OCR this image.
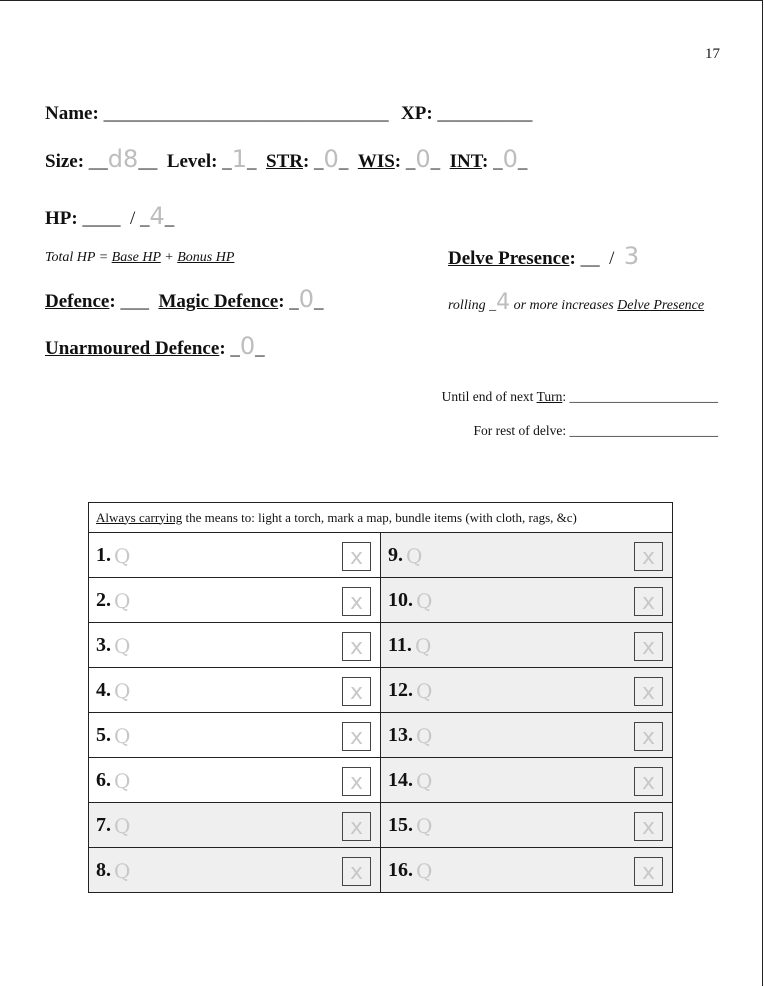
17
Name: ______________________________ XP: __________
Size: __d8__ Level: _1_ STR: _0_ WIS: _0_ INT: _0_
HP: ____ / _4_
Total HP = Base HP + Bonus HP	Delve Presence: __ / 3
Defence: ___ Magic Defence: _0_	rolling _4 or more increases Delve Presence
Unarmoured Defence: _0_
Until end of next Turn: ______________________
For rest of delve: ______________________
Always carrying the means to: light a torch, mark a map, bundle items (with cloth, rags, &c)	

1. Q x	9. Q x

2. Q x	10. Q x

3. Q x	11. Q x

4. Q x	12. Q x

5. Q x	13. Q x

6. Q x	14. Q x

7. Q x	15. Q x

8. Q x	16. Q x
